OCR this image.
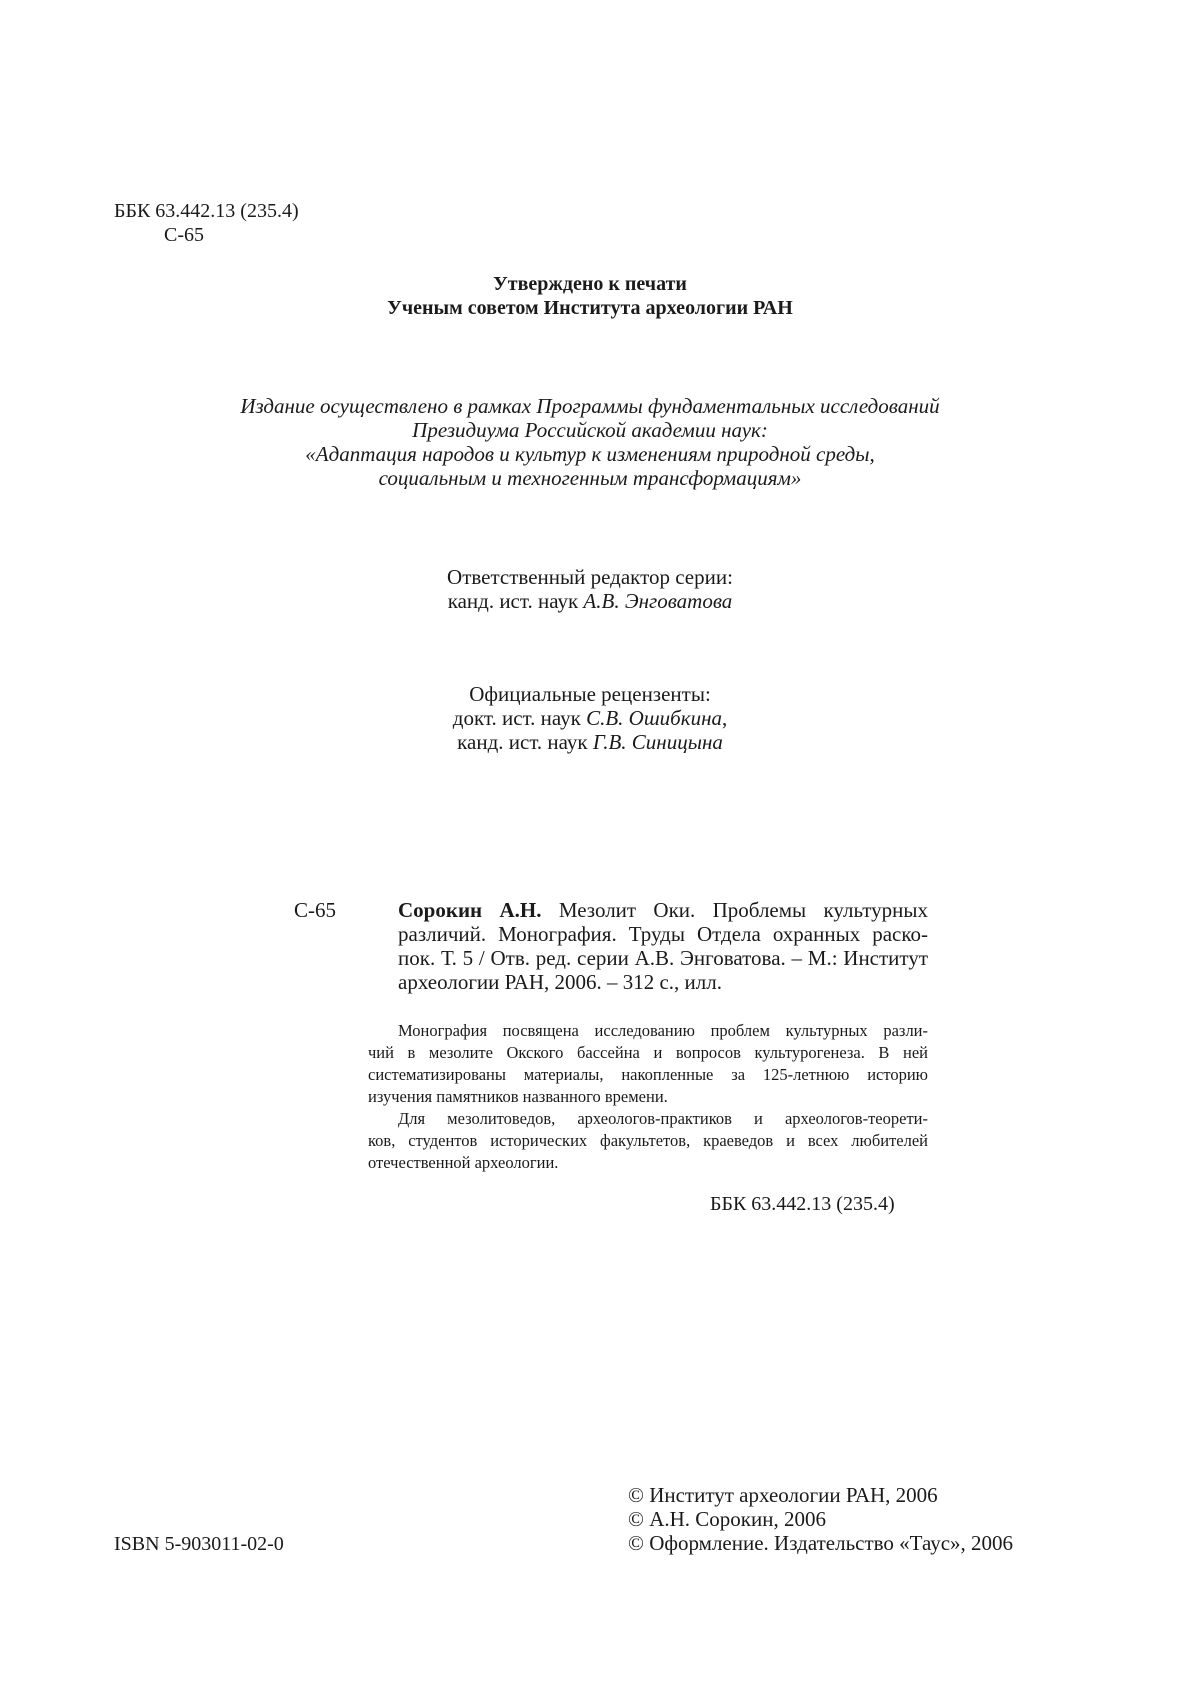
ББК 63.442.13 (235.4)
С-65
Утверждено к печати
Ученым советом Института археологии РАН
Издание осуществлено в рамках Программы фундаментальных исследований
Президиума Российской академии наук:
«Адаптация народов и культур к изменениям природной среды,
социальным и техногенным трансформациям»
Ответственный редактор серии:
канд. ист. наук А.В. Энговатова
Официальные рецензенты:
докт. ист. наук С.В. Ошибкина,
канд. ист. наук Г.В. Синицына
С-65	Сорокин А.Н. Мезолит Оки. Проблемы культурных
различий. Монография. Труды Отдела охранных раско-
пок. Т. 5 / Отв. ред. серии А.В. Энговатова. – М.: Институт
археологии РАН, 2006. – 312 с., илл.
Монография посвящена исследованию проблем культурных разли-
чий в мезолите Окского бассейна и вопросов культурогенеза. В ней
систематизированы материалы, накопленные за 125-летнюю историю
изучения памятников названного времени.
Для мезолитоведов, археологов-практиков и археологов-теорети-
ков, студентов исторических факультетов, краеведов и всех любителей
отечественной археологии.
ББК 63.442.13 (235.4)
ISBN 5-903011-02-0
© Институт археологии РАН, 2006
© А.Н. Сорокин, 2006
© Оформление. Издательство «Таус», 2006
